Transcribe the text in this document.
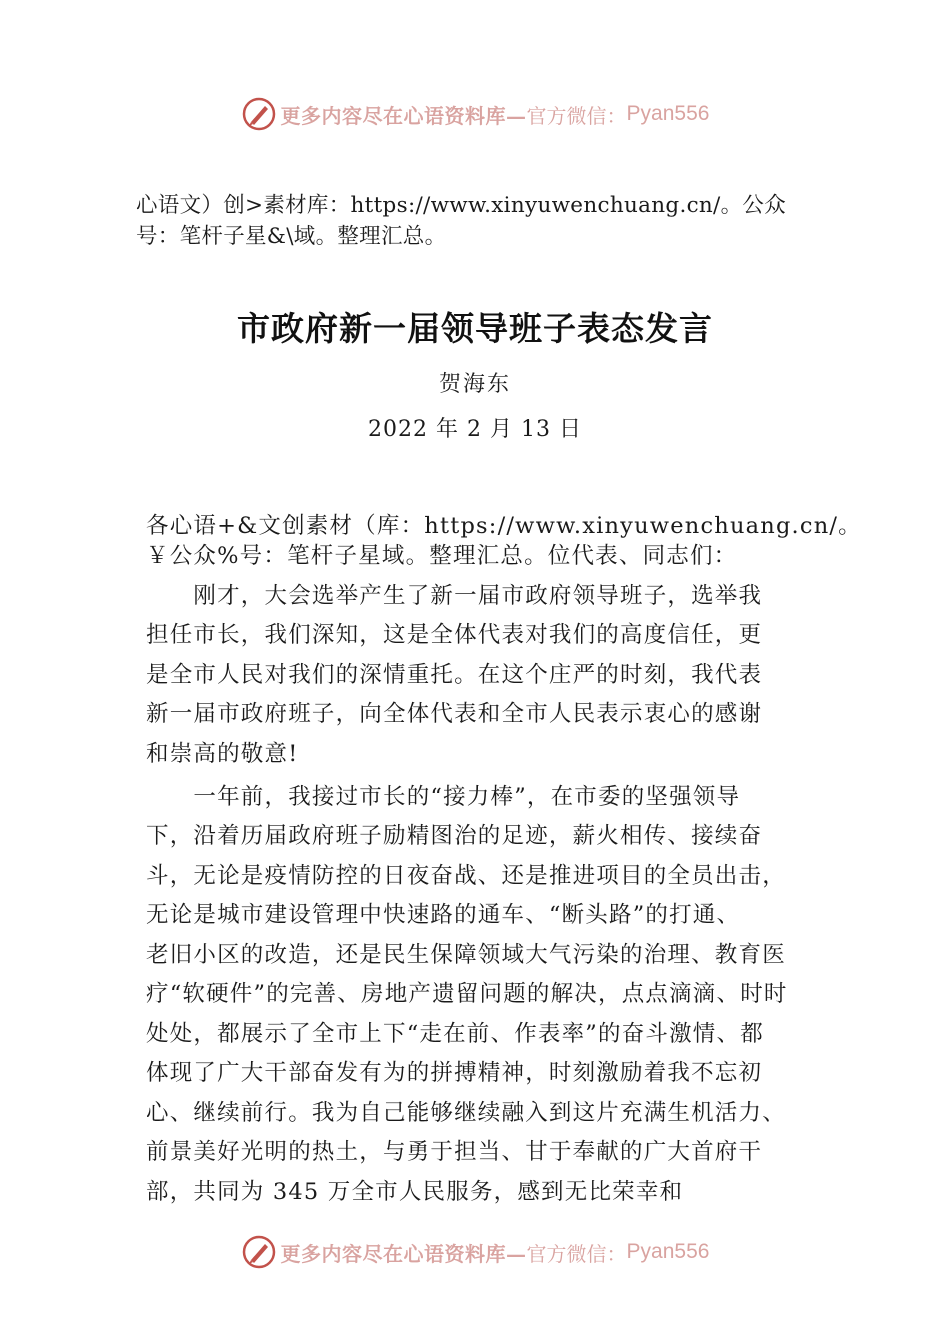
更多内容尽在心语资料库— 官方微信： Pyan556
心语文）创>素材库：https://www.xinyuwenchuang.cn/。公众
号：笔杆子星&\域。整理汇总。
市政府新一届领导班子表态发言
贺海东
2022 年 2 月 13 日
各心语+&文创素材（库：https://www.xinyuwenchuang.cn/。
￥公众%号：笔杆子星域。整理汇总。位代表、同志们：
　　刚才，大会选举产生了新一届市政府领导班子，选举我
担任市长，我们深知，这是全体代表对我们的高度信任，更
是全市人民对我们的深情重托。在这个庄严的时刻，我代表
新一届市政府班子，向全体代表和全市人民表示衷心的感谢
和崇高的敬意!
　　一年前，我接过市长的“接力棒”，在市委的坚强领导
下，沿着历届政府班子励精图治的足迹，薪火相传、接续奋
斗，无论是疫情防控的日夜奋战、还是推进项目的全员出击，
无论是城市建设管理中快速路的通车、“断头路”的打通、
老旧小区的改造，还是民生保障领域大气污染的治理、教育医
疗“软硬件”的完善、房地产遗留问题的解决，点点滴滴、时时
处处，都展示了全市上下“走在前、作表率”的奋斗激情、都
体现了广大干部奋发有为的拼搏精神，时刻激励着我不忘初
心、继续前行。我为自己能够继续融入到这片充满生机活力、
前景美好光明的热土，与勇于担当、甘于奉献的广大首府干
部，共同为 345 万全市人民服务，感到无比荣幸和
更多内容尽在心语资料库— 官方微信： Pyan556
